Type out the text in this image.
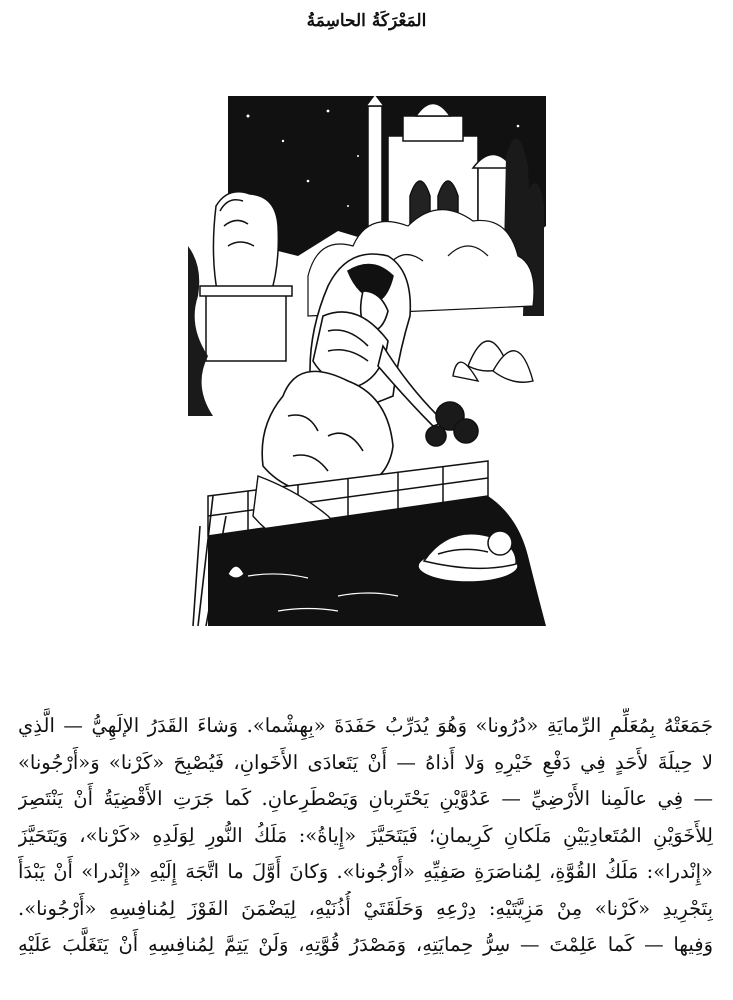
المَعْرَكَةُ الحاسِمَةُ
جَمَعَتْهُ بِمُعَلِّمِ الرِّمايَةِ «دُرُونا» وَهُوَ يُدَرِّبُ حَفَدَةَ «بِهِشْما». وَشاءَ القَدَرُ الإلَهِيُّ — الَّذِي
لا حِيلَةَ لأَحَدٍ فِي دَفْعِ خَيْرِهِ وَلا أَذاهُ — أَنْ يَتَعادَى الأَخَوانِ، فَيُصْبِحَ «كَرْنا» وَ«أَرْجُونا»
— فِي عالَمِنا الأَرْضِيِّ — عَدُوَّيْنِ يَحْتَرِبانِ وَيَصْطَرِعانِ. كَما جَرَتِ الأَقْضِيَةُ أَنْ يَنْتَصِرَ
لِلأَخَوَيْنِ المُتَعادِيَيْنِ مَلَكانِ كَرِيمانِ؛ فَيَتَحَيَّزَ «إِياةُ»: مَلَكُ النُّورِ لِوَلَدِهِ «كَرْنا»، وَيَتَحَيَّزَ
«إِنْدرا»: مَلَكُ القُوَّةِ، لِمُناصَرَةِ صَفِيِّهِ «أَرْجُونا». وَكانَ أَوَّلَ ما اتَّجَهَ إِلَيْهِ «إِنْدرا» أَنْ يَبْدَأَ
بِتَجْرِيدِ «كَرْنا» مِنْ مَزِيَّتَيْهِ: دِرْعِهِ وَحَلَقَتَيْ أُذُنَيْهِ، لِيَضْمَنَ الفَوْزَ لِمُنافِسِهِ «أَرْجُونا».
وَفِيها — كَما عَلِمْتَ — سِرُّ حِمايَتِهِ، وَمَصْدَرُ قُوَّتِهِ، وَلَنْ يَتِمَّ لِمُنافِسِهِ أَنْ يَتَغَلَّبَ عَلَيْهِ
